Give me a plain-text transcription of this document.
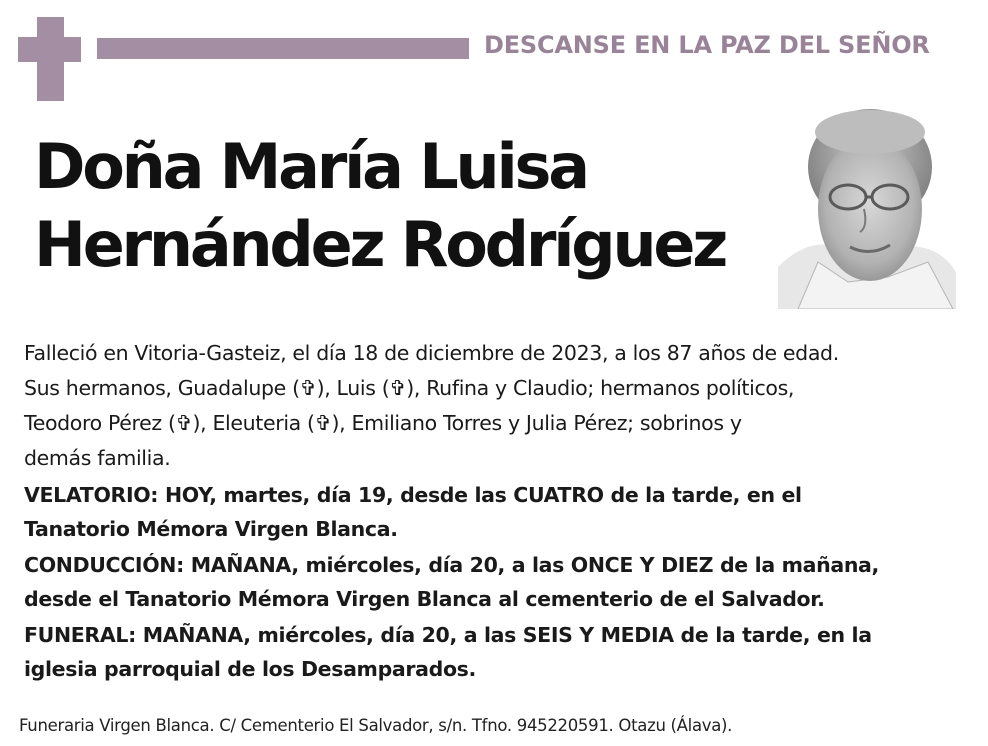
DESCANSE EN LA PAZ DEL SEÑOR
Doña María Luisa
Hernández Rodríguez

Falleció en Vitoria-Gasteiz, el día 18 de diciembre de 2023, a los 87 años de edad.

Sus hermanos, Guadalupe (✞), Luis (✞), Rufina y Claudio; hermanos políticos,
Teodoro Pérez (✞), Eleuteria (✞), Emiliano Torres y Julia Pérez; sobrinos y
demás familia.

VELATORIO: HOY, martes, día 19, desde las CUATRO de la tarde, en el
Tanatorio Mémora Virgen Blanca.

CONDUCCIÓN: MAÑANA, miércoles, día 20, a las ONCE Y DIEZ de la mañana,
desde el Tanatorio Mémora Virgen Blanca al cementerio de el Salvador.

FUNERAL: MAÑANA, miércoles, día 20, a las SEIS Y MEDIA de la tarde, en la
iglesia parroquial de los Desamparados.

Funeraria Virgen Blanca. C/ Cementerio El Salvador, s/n. Tfno. 945220591. Otazu (Álava).
